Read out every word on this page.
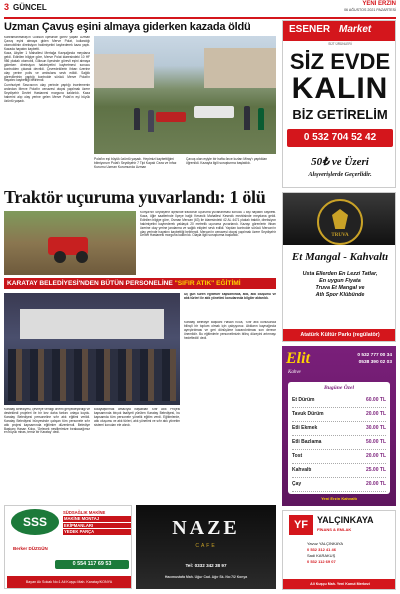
3 GÜNCEL	YENİ ERZİN
06 AĞUSTOS 2021 PAZARTESİ
Uzman Çavuş eşini almaya giderken kazada öldü

Kahramanmaraş'ın Göksun ilçesinde görev yapan Uzman Çavuş eşini almaya giden Merve Polat, kullandığı otomobilinin direksiyon hakimiyetini kaybederek kaza yaptı. Kazada hayatını kaybetti.

Kaza, Akyiler 1 Mahallesi Mertağa Kavşağında meydana geldi. Edinilen bilgiye göre, Merve Polat idaresindeki 10 HF 986 plakalı otomobil, Göksun ilçesinde görevli eşini almaya giderken direksiyon hakimiyetini kaybetmesi sonucu kontrolden çıkarak devrildi. Çevredekilerin ihbarı üzerine olay yerine polis ve ambulans sevk edildi. Sağlık görevlilerinin yaptığı kontrolde sürücü Merve Polat'ın hayatını kaybettiği belirlendi.

Cumhuriyet Savcısının olay yerinde yaptığı incelemenin ardından Merve Polat'ın cenazesi otopsi yapılmak üzere Seydişehir Devlet Hastanesi morguna kaldırıldı. Kaza haberini alıp olay yerine gelen Merve Polat'ın eşi büyük üzüntü yaşadı.

Polat'ın eşi büyük üzüntü yaşadı. Hepimizi kaybettiğimi bilmiyorum Polat'ı Seydişehir 7 Tipi Kapalı Ceza ve İnfaz Kurumu Uzman Kurumunda Uzman
Çavuş olan eşiyle bir hafta önce kızları Miray'ı yaptıkları öğrenildi. Kazayla ilgili soruşturma başlatıldı.
Traktör uçuruma yuvarlandı: 1 ölü
Konya'nın Seydişehir ilçesinde traktörün uçuruma yuvarlanması sonucu 1 kişi hayatını kaybetti. Kaza, öğle saatlerinde İlçeye bağlı Kesecik Mahallesi Kesecik mevkisinde meydana geldi. Edinilen bilgiye göre, Osman Mercan (63) ile idaresindeki 42 AL 4471 plakalı traktör, direksiyon hakimiyetini kaybederek yaklaşık 20 metrelik uçuruma yuvarlandı. Kazayı görenlerin ihbarı üzerine olay yerine jandarma ve sağlık ekipleri sevk edildi. Yapılan kontrolde sürücü Mercan'ın olay yerinde hayatını kaybettiği belirlendi. Mercan'ın cenazesi otopsi yapılmak üzere Seydişehir Devlet Hastanesi morguna kaldırıldı. Olayla ilgili soruşturma başlatıldı.
KARATAY BELEDİYESİ'NDEN BÜTÜN PERSONELİNE "SIFIR ATIK" EĞİTİMİ
Üç gün süren eğitimler kapsamında, atık, atık oluşumu ve atık türleri ile atık yönetimi konularında bilgiler aktarıldı.
Karatay Belediye Başkanı Hasan Kılca, 'Sıfır atık konusunda bilinçli bir toplum olmak için çalışıyoruz. Atıkların kaynağında ayrıştırılması ve geri dönüşüme kazandırılması son derece önemlidir. Bu eğitimlerle personelimizin bilinç düzeyini artırmayı hedefledik' dedi.
Karatay Belediyesi, çevreye verdiği önemi gerçekleştirdiği ve destekledi projeleri ile bir kez daha farkını ortaya koydu. Karatay Belediyesi personeline sıfır atık eğitimi verildi. Karatay Belediyesi bünyesinde çalışan tüm personele sıfır atık projesi kapsamında eğitimler düzenlendi. Belediye Başkanı Hasan Kılca, 'Gelecek nesillerimize bırakacağımız en büyük miras, temiz bir Karatay' dedi.
kolaylaştırmak amacıyla başlatılan Sıfır Atık Projesi kapsamında birçok faaliyeti yürüten Karatay Belediyesi, bu kapsamda tüm personele yönelik eğitim verdi. Eğitimlerde, atık oluşumu ve atık türleri, atık yönetimi ve sıfır atık yönetim sistemi konuları ele alındı.
SSS
SÜDSAĞLIK MAKİNE
MAKİNE MONTAJ
EKİPMANLARI
YEDEK PARÇA
Berker DÜZGÜN
0 554 117 69 53
Bayan Alı Sokak No:1 Ali Kuşçu Mah. Karatay/KONYA
NAZE
CAFE
Tel: 0332 342 38 97
Hacımustafa Mah. Uğur Cad. Ağır Sk. No:7/2 Konya
ESENER Market
SÜT ÜRÜNLERİ
SİZ EVDE
KALIN
BİZ GETİRELİM
0 532 704 52 42
50₺ ve Üzeri
Alışverişlerde Geçerlidir.
TRUVA
Et Mangal - Kahvaltı
Usta Ellerden En Lezzi Tatlar,
En uygun Fiyata
Truva Et Mangal ve
Atlı Spor Klübünde
Atatürk Kültür Parkı (regülatör)
Elit
Kahve
0 532 777 00 34
0538 390 02 03
Bugüne Özel
Et Dürüm	60.00 TL
Tavuk Dürüm	20.00 TL
Etli Ekmek	30.00 TL
Etli Bazlama	50.00 TL
Tost	20.00 TL
Kahvaltı	25.00 TL
Çay	20.00 TL
Yeni Erzin Kahvaltı
YF YALÇINKAYA
FİNANS & EMLAK
Yavuz YALÇINKAYA
0 532 312 41 46
Sadi KARAKUŞ
0 532 112 69 07
Ali Kuşçu Mah. Yeni Konut Merkezi
